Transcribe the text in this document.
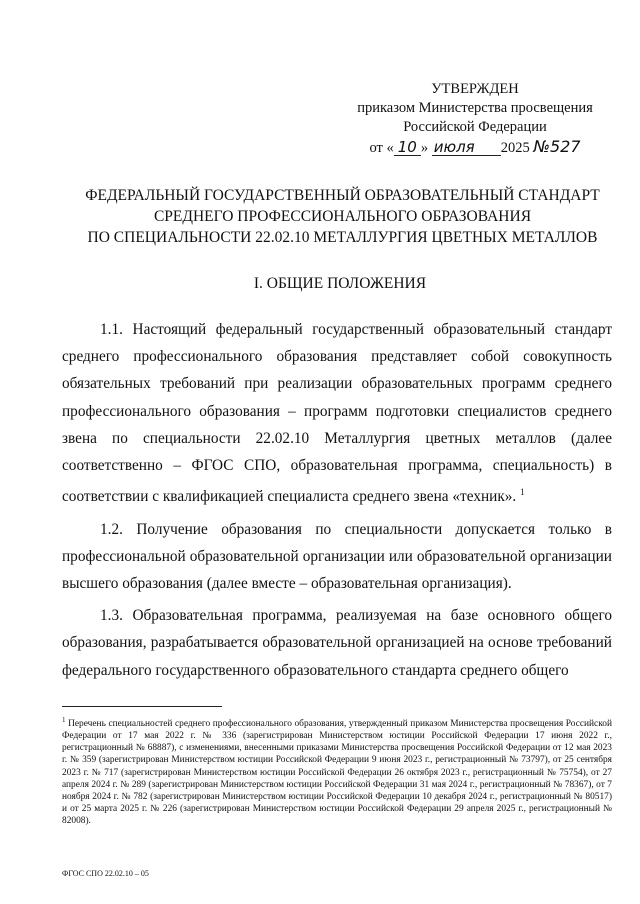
УТВЕРЖДЕН
приказом Министерства просвещения
Российской Федерации
от « 10 » июля 2025 №527
ФЕДЕРАЛЬНЫЙ ГОСУДАРСТВЕННЫЙ ОБРАЗОВАТЕЛЬНЫЙ СТАНДАРТ
СРЕДНЕГО ПРОФЕССИОНАЛЬНОГО ОБРАЗОВАНИЯ
ПО СПЕЦИАЛЬНОСТИ 22.02.10 МЕТАЛЛУРГИЯ ЦВЕТНЫХ МЕТАЛЛОВ
I. ОБЩИЕ ПОЛОЖЕНИЯ

1.1. Настоящий федеральный государственный образовательный стандарт среднего профессионального образования представляет собой совокупность обязательных требований при реализации образовательных программ среднего профессионального образования – программ подготовки специалистов среднего звена по специальности 22.02.10 Металлургия цветных металлов (далее соответственно – ФГОС СПО, образовательная программа, специальность) в соответствии с квалификацией специалиста среднего звена «техник». $^1$

1.2. Получение образования по специальности допускается только в профессиональной образовательной организации или образовательной организации высшего образования (далее вместе – образовательная организация).

1.3. Образовательная программа, реализуемая на базе основного общего образования, разрабатывается образовательной организацией на основе требований федерального государственного образовательного стандарта среднего общего

$^1$ Перечень специальностей среднего профессионального образования, утвержденный приказом Министерства просвещения Российской Федерации от 17 мая 2022 г. № 336 (зарегистрирован Министерством юстиции Российской Федерации 17 июня 2022 г., регистрационный № 68887), с изменениями, внесенными приказами Министерства просвещения Российской Федерации от 12 мая 2023 г. № 359 (зарегистрирован Министерством юстиции Российской Федерации 9 июня 2023 г., регистрационный № 73797), от 25 сентября 2023 г. № 717 (зарегистрирован Министерством юстиции Российской Федерации 26 октября 2023 г., регистрационный № 75754), от 27 апреля 2024 г. № 289 (зарегистрирован Министерством юстиции Российской Федерации 31 мая 2024 г., регистрационный № 78367), от 7 ноября 2024 г. № 782 (зарегистрирован Министерством юстиции Российской Федерации 10 декабря 2024 г., регистрационный № 80517) и от 25 марта 2025 г. № 226 (зарегистрирован Министерством юстиции Российской Федерации 29 апреля 2025 г., регистрационный № 82008).
ФГОС СПО 22.02.10 – 05
